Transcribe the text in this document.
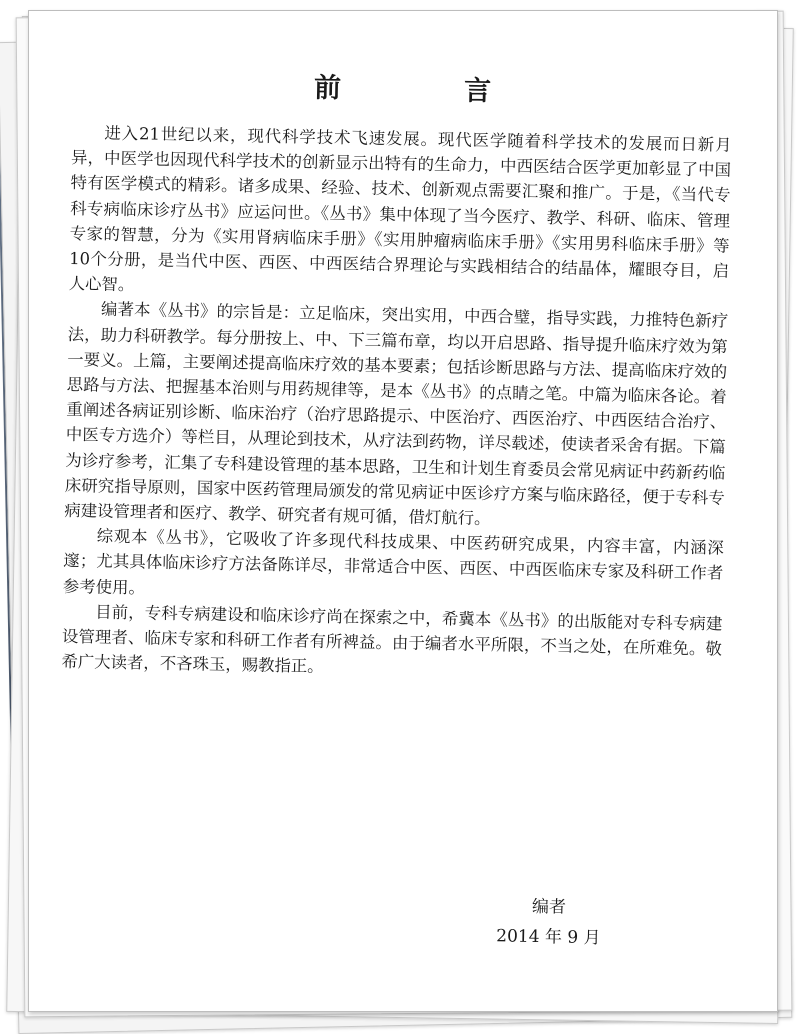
前　言

进入21世纪以来，现代科学技术飞速发展。现代医学随着科学技术的发展而日新月异，中医学也因现代科学技术的创新显示出特有的生命力，中西医结合医学更加彰显了中国特有医学模式的精彩。诸多成果、经验、技术、创新观点需要汇聚和推广。于是，《当代专科专病临床诊疗丛书》应运问世。《丛书》集中体现了当今医疗、教学、科研、临床、管理专家的智慧，分为《实用肾病临床手册》《实用肿瘤病临床手册》《实用男科临床手册》等10个分册，是当代中医、西医、中西医结合界理论与实践相结合的结晶体，耀眼夺目，启人心智。

编著本《丛书》的宗旨是：立足临床，突出实用，中西合璧，指导实践，力推特色新疗法，助力科研教学。每分册按上、中、下三篇布章，均以开启思路、指导提升临床疗效为第一要义。上篇，主要阐述提高临床疗效的基本要素；包括诊断思路与方法、提高临床疗效的思路与方法、把握基本治则与用药规律等，是本《丛书》的点睛之笔。中篇为临床各论。着重阐述各病证别诊断、临床治疗（治疗思路提示、中医治疗、西医治疗、中西医结合治疗、中医专方选介）等栏目，从理论到技术，从疗法到药物，详尽载述，使读者采舍有据。下篇为诊疗参考，汇集了专科建设管理的基本思路，卫生和计划生育委员会常见病证中药新药临床研究指导原则，国家中医药管理局颁发的常见病证中医诊疗方案与临床路径，便于专科专病建设管理者和医疗、教学、研究者有规可循，借灯航行。

综观本《丛书》，它吸收了许多现代科技成果、中医药研究成果，内容丰富，内涵深邃；尤其具体临床诊疗方法备陈详尽，非常适合中医、西医、中西医临床专家及科研工作者参考使用。

目前，专科专病建设和临床诊疗尚在探索之中，希冀本《丛书》的出版能对专科专病建设管理者、临床专家和科研工作者有所裨益。由于编者水平所限，不当之处，在所难免。敬希广大读者，不吝珠玉，赐教指正。

编者
2014 年 9 月
